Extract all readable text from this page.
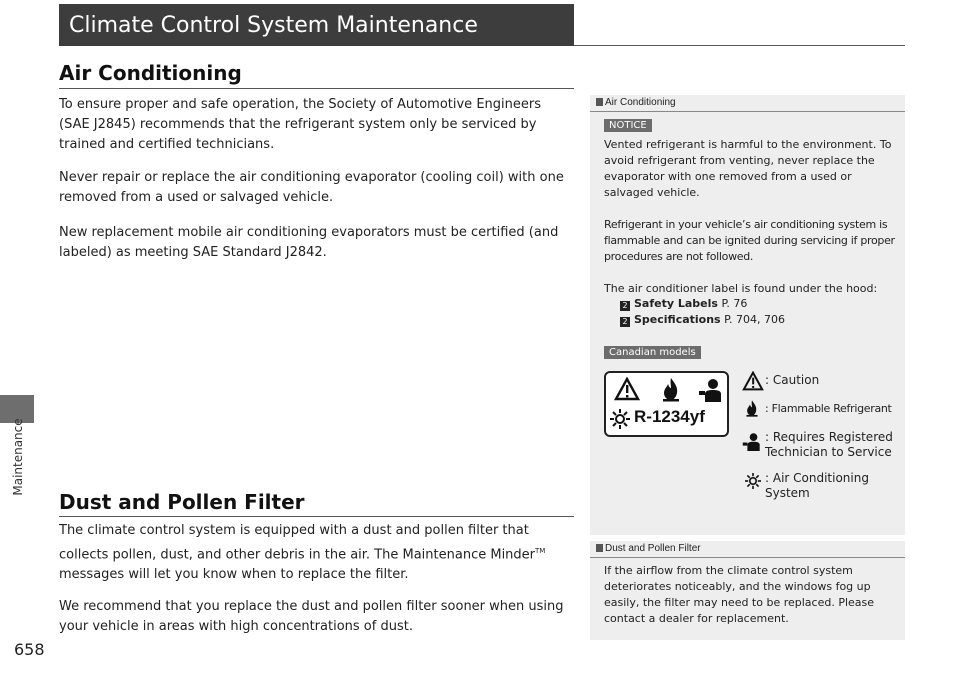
Maintenance
658
Climate Control System Maintenance
Air Conditioning
To ensure proper and safe operation, the Society of Automotive Engineers (SAE J2845) recommends that the refrigerant system only be serviced by trained and certified technicians.
Never repair or replace the air conditioning evaporator (cooling coil) with one removed from a used or salvaged vehicle.
New replacement mobile air conditioning evaporators must be certified (and labeled) as meeting SAE Standard J2842.
Dust and Pollen Filter
The climate control system is equipped with a dust and pollen filter that collects pollen, dust, and other debris in the air. The Maintenance Minder™ messages will let you know when to replace the filter.
We recommend that you replace the dust and pollen filter sooner when using your vehicle in areas with high concentrations of dust.
Air Conditioning
NOTICE
Vented refrigerant is harmful to the environment. To avoid refrigerant from venting, never replace the evaporator with one removed from a used or salvaged vehicle.
Refrigerant in your vehicle’s air conditioning system is flammable and can be ignited during servicing if proper procedures are not followed.
The air conditioner label is found under the hood:
2 Safety Labels P. 76
2 Specifications P. 704, 706
Canadian models
R-1234yf
: Caution
: Flammable Refrigerant
: Requires Registered Technician to Service
: Air Conditioning System
Dust and Pollen Filter
If the airflow from the climate control system deteriorates noticeably, and the windows fog up easily, the filter may need to be replaced. Please contact a dealer for replacement.
